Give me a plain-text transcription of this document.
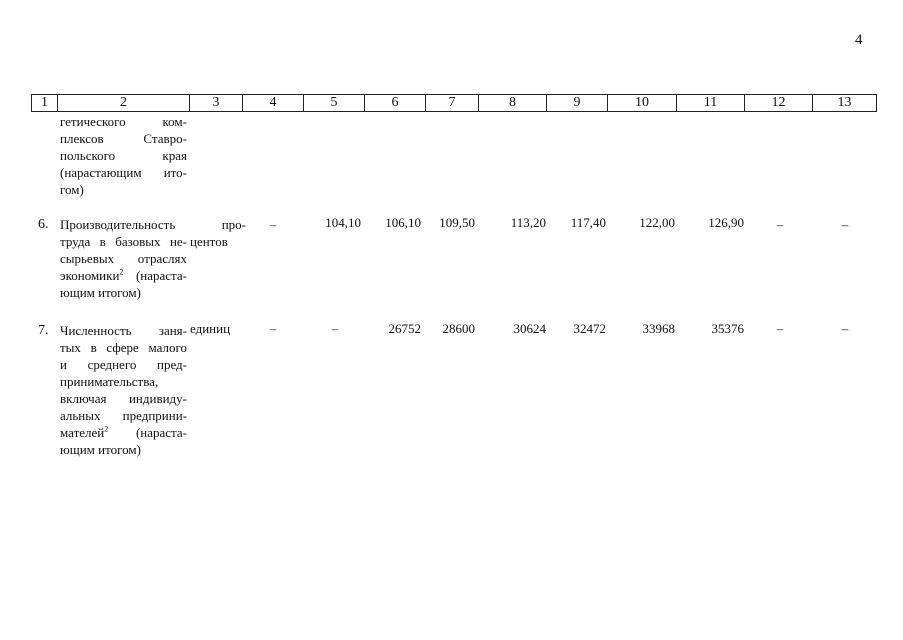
4
1	2	3	4	5	6	7	8	9	10	11	12	13
гетического ком-
плексов Ставро-
польского края
(нарастающим ито-
гом)
6. Производительность
труда в базовых не-
сырьевых отраслях
экономики$^2$ (нараста-
ющим итогом)
про-
центов
–	104,10	106,10	109,50	113,20	117,40	122,00	126,90	–	–
7. Численность заня-
тых в сфере малого
и среднего пред-
принимательства,
включая индивиду-
альных предприни-
мателей$^2$ (нараста-
ющим итогом)
единиц	–	–	26752	28600	30624	32472	33968	35376	–	–
